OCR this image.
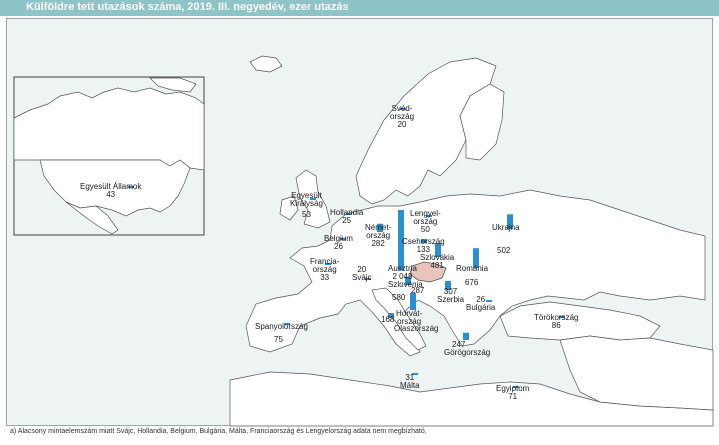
Külföldre tett utazások száma, 2019. III. negyedév, ezer utazás
Egyesült Államok
43
Svéd-
ország
20
Egyesült
Királyság
53 Hollandia
25
Belgium
26
Német-
ország
282
Lengyel-
ország
50
Csehország
133
Szlovákia
481
Ukrajna
502
Francia-
ország
33
20
Svájc
Ausztria
2 048
Szlovénia
287
Románia
676
307
Szerbia	26
Bulgária
580
Horvát-
ország
168
Olaszország
Spanyolország
75
247
Görögország
Törökország
86
31
Málta	Egyiptom
71
a) Alacsony mintaelemszám miatt Svájc, Hollandia, Belgium, Bulgária, Málta, Franciaország és Lengyelország adata nem megbízható.
